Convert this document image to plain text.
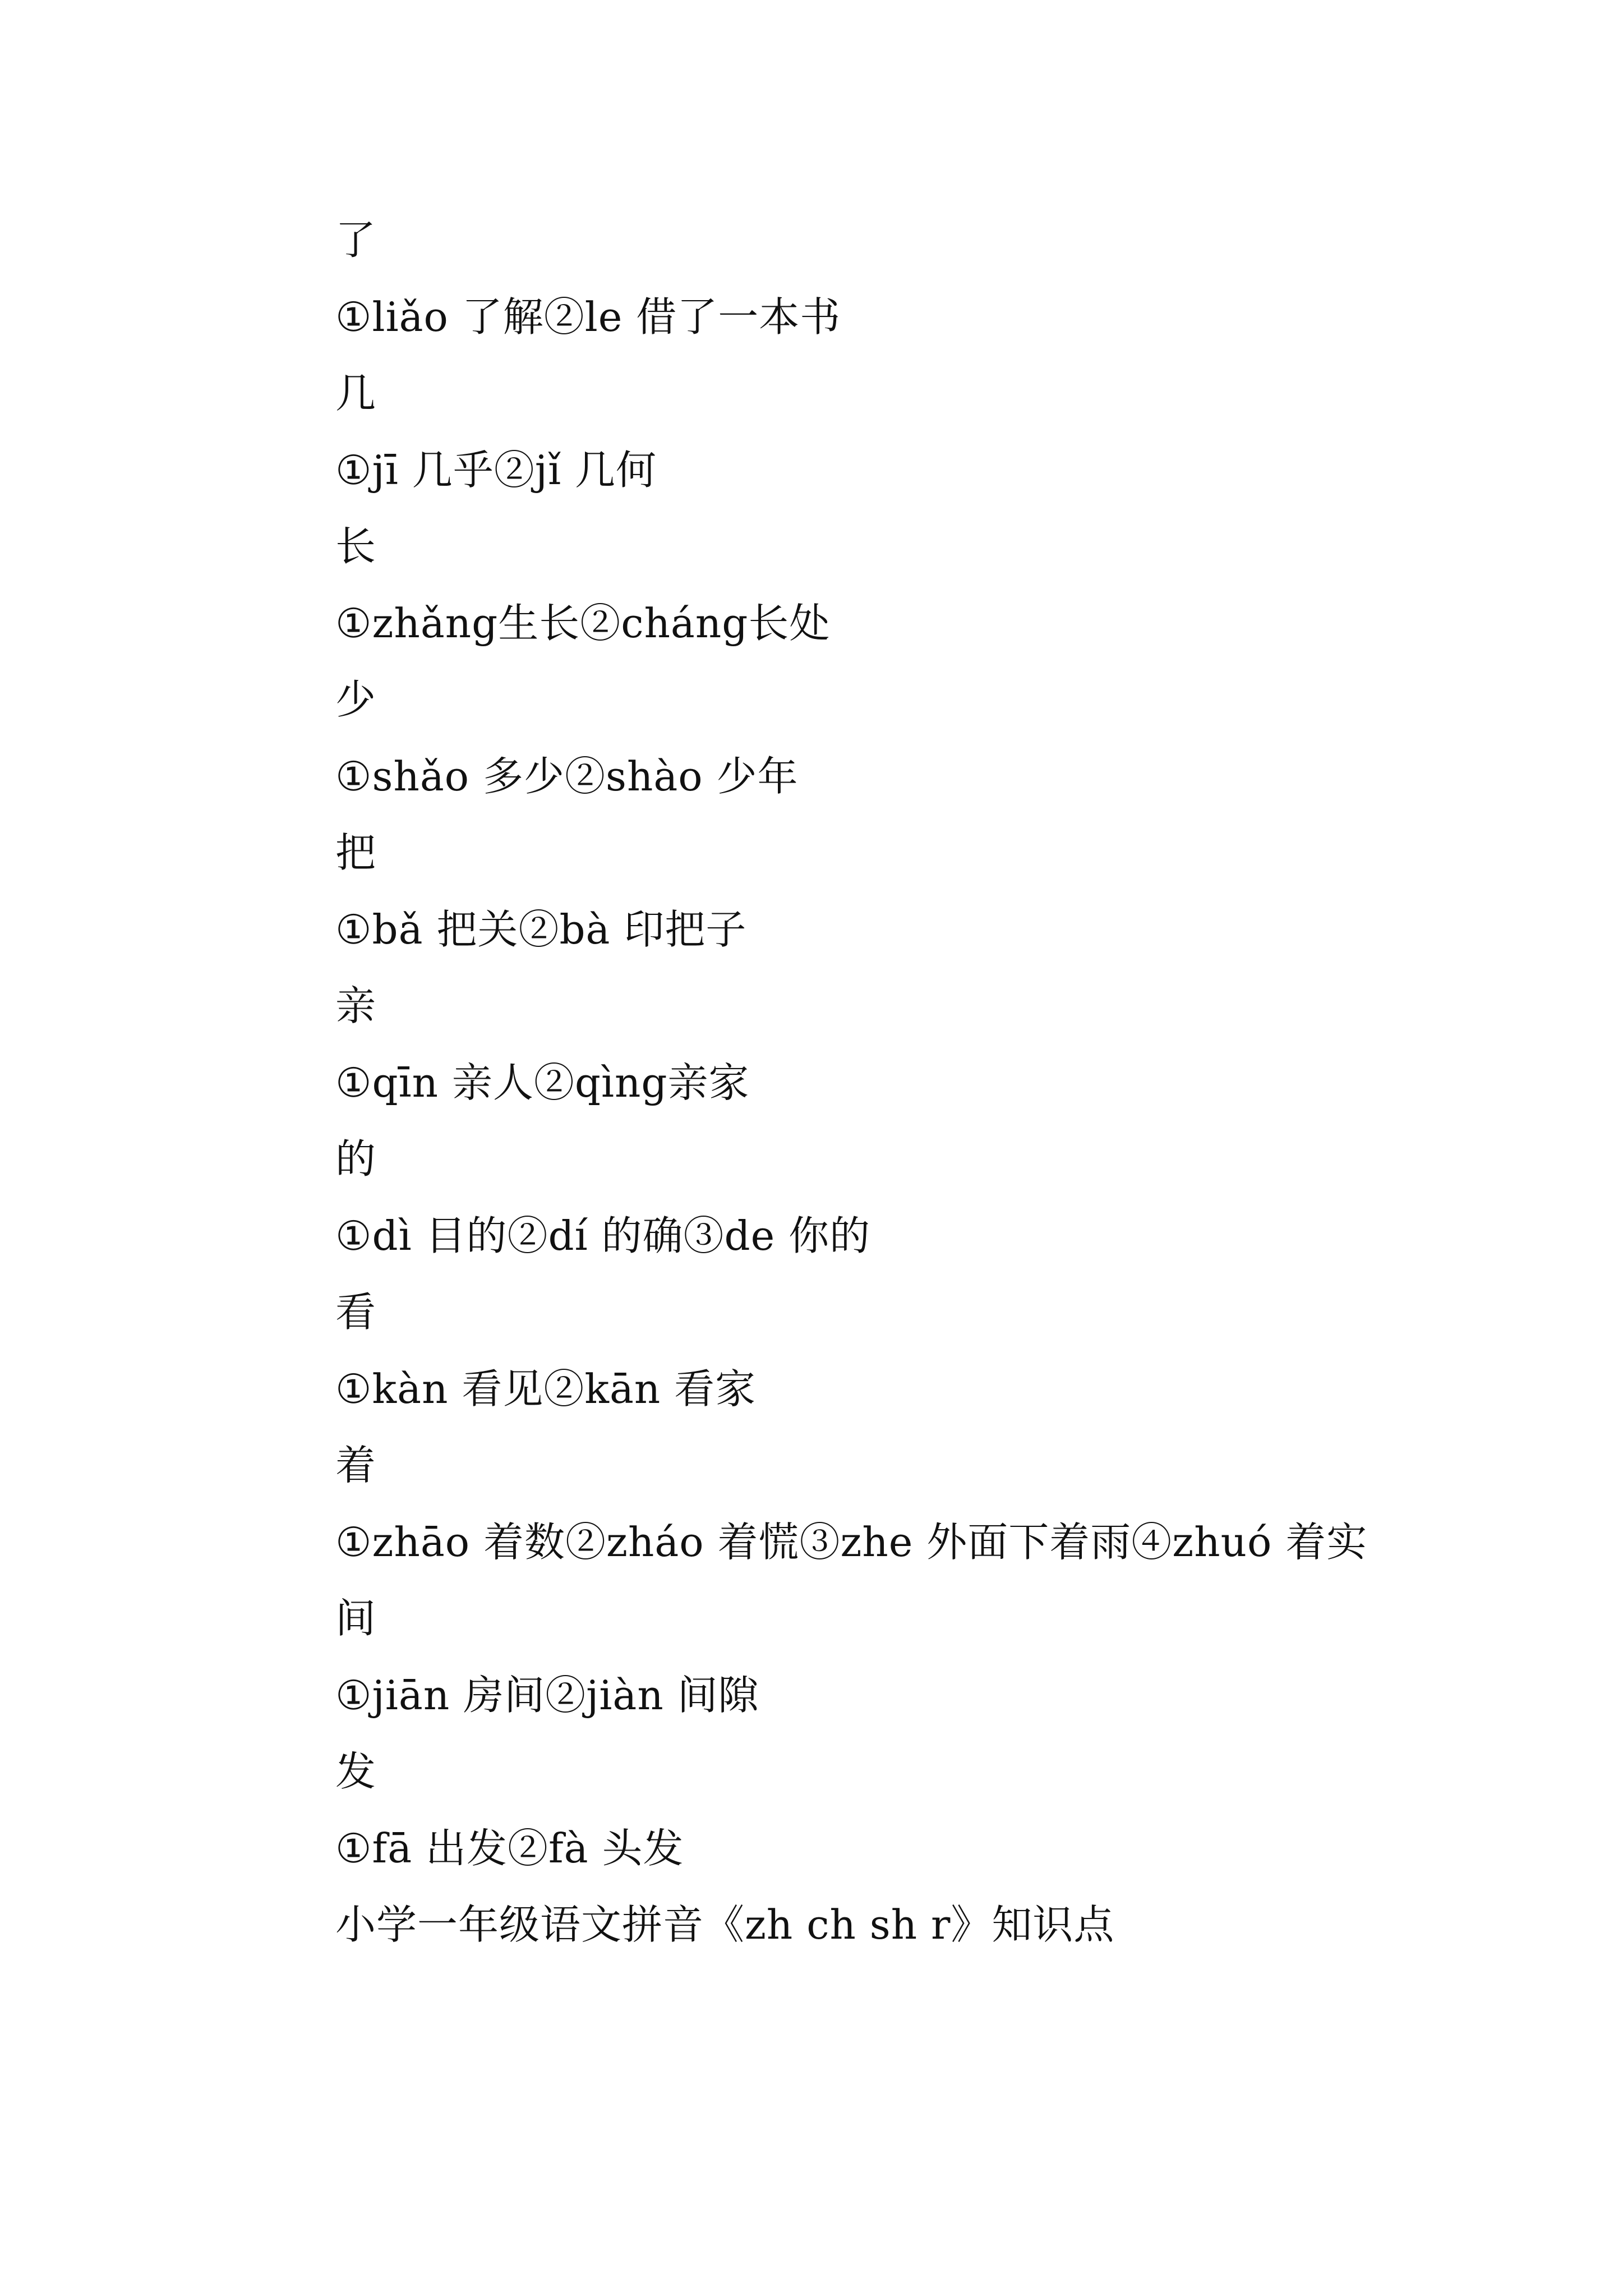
了

①liǎo 了解②le 借了一本书

几

①jī 几乎②jǐ 几何

长

①zhǎng生长②cháng长处

少

①shǎo 多少②shào 少年

把

①bǎ 把关②bà 印把子

亲

①qīn 亲人②qìng亲家

的

①dì 目的②dí 的确③de 你的

看

①kàn 看见②kān 看家

着

①zhāo 着数②zháo 着慌③zhe 外面下着雨④zhuó 着实

间

①jiān 房间②jiàn 间隙

发

①fā 出发②fà 头发

小学一年级语文拼音《zh ch sh r》知识点
